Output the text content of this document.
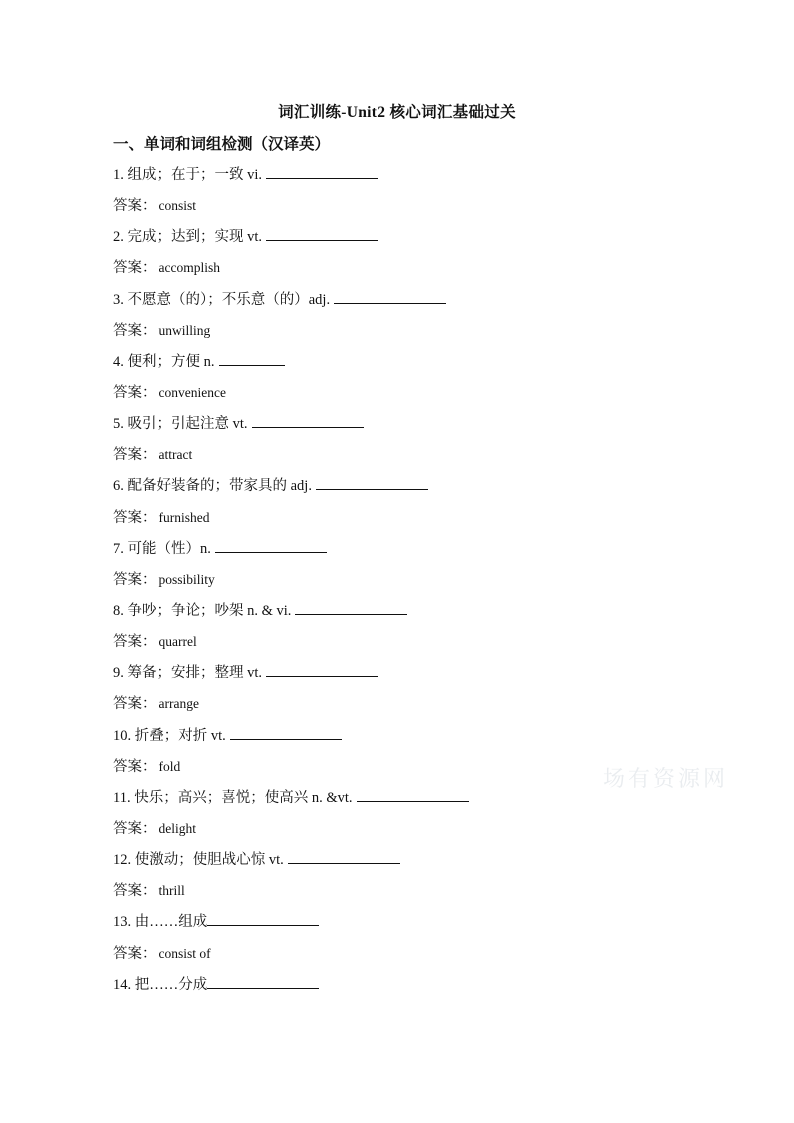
词汇训练-Unit2 核心词汇基础过关
一、单词和词组检测（汉译英）
1. 组成；在于；一致 vi.
答案： consist
2. 完成；达到；实现 vt.
答案： accomplish
3. 不愿意（的）；不乐意（的）adj.
答案： unwilling
4. 便利；方便 n.
答案： convenience
5. 吸引；引起注意 vt.
答案： attract
6. 配备好装备的；带家具的 adj.
答案： furnished
7. 可能（性）n.
答案： possibility
8. 争吵；争论；吵架 n. & vi.
答案： quarrel
9. 筹备；安排；整理 vt.
答案： arrange
10. 折叠；对折 vt.
答案： fold
11. 快乐；高兴；喜悦；使高兴 n. &vt.
答案： delight
12. 使激动；使胆战心惊 vt.
答案： thrill
13. 由……组成
答案： consist of
14. 把……分成
场有资源网
